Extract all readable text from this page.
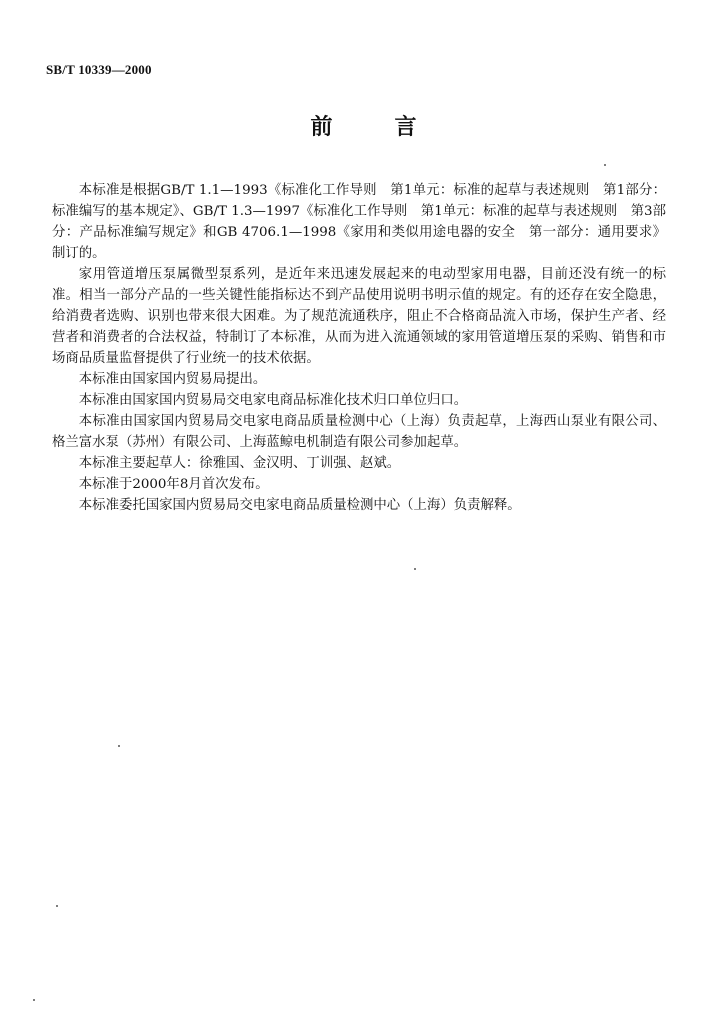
SB/T 10339—2000
前	言

本标准是根据GB/T 1.1—1993《标准化工作导则　第1单元：标准的起草与表述规则　第1部分：标准编写的基本规定》、GB/T 1.3—1997《标准化工作导则　第1单元：标准的起草与表述规则　第3部分：产品标准编写规定》和GB 4706.1—1998《家用和类似用途电器的安全　第一部分：通用要求》制订的。

家用管道增压泵属微型泵系列，是近年来迅速发展起来的电动型家用电器，目前还没有统一的标准。相当一部分产品的一些关键性能指标达不到产品使用说明书明示值的规定。有的还存在安全隐患，给消费者选购、识别也带来很大困难。为了规范流通秩序，阻止不合格商品流入市场，保护生产者、经营者和消费者的合法权益，特制订了本标准，从而为进入流通领域的家用管道增压泵的采购、销售和市场商品质量监督提供了行业统一的技术依据。

本标准由国家国内贸易局提出。

本标准由国家国内贸易局交电家电商品标准化技术归口单位归口。

本标准由国家国内贸易局交电家电商品质量检测中心（上海）负责起草，上海西山泵业有限公司、格兰富水泵（苏州）有限公司、上海蓝鲸电机制造有限公司参加起草。

本标准主要起草人：徐雅国、金汉明、丁训强、赵斌。

本标准于2000年8月首次发布。

本标准委托国家国内贸易局交电家电商品质量检测中心（上海）负责解释。
